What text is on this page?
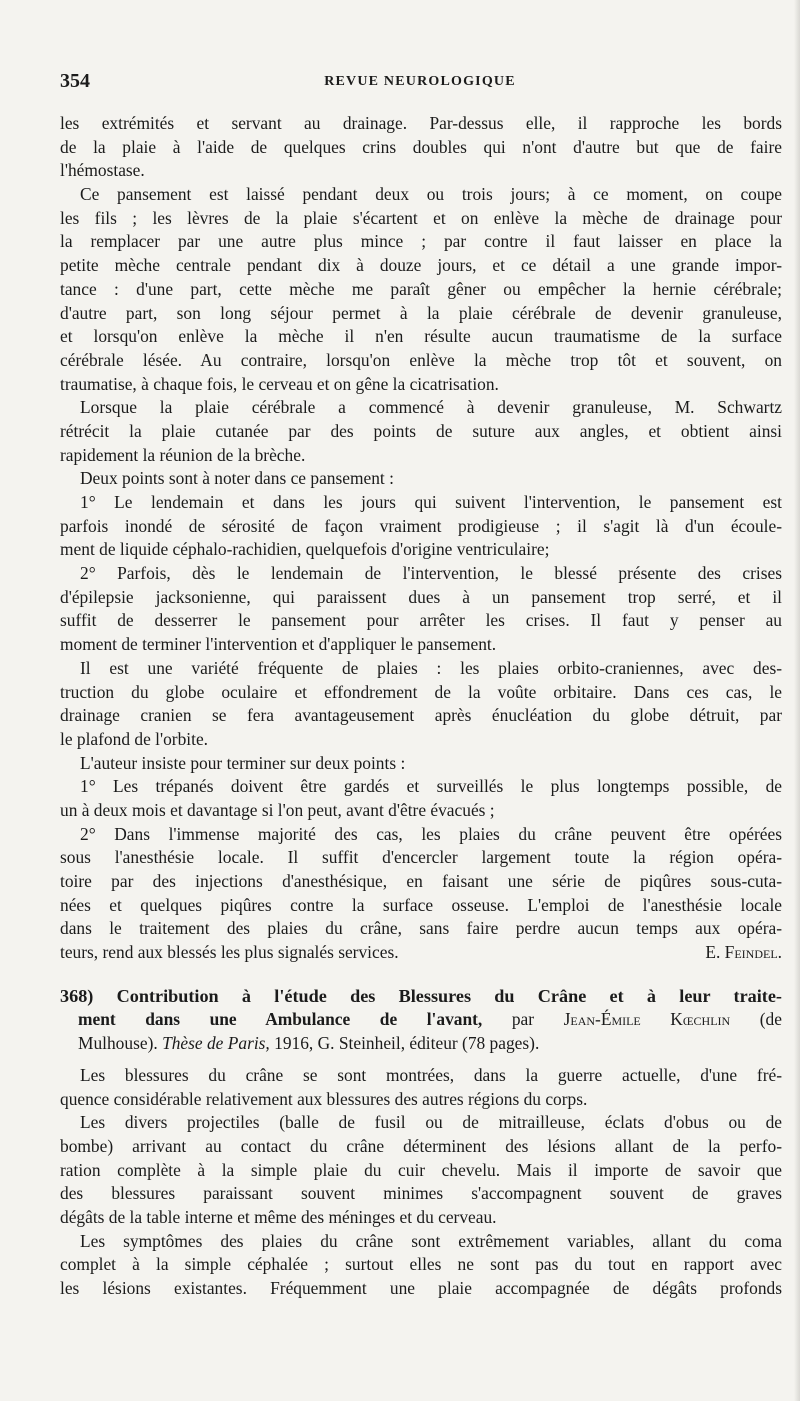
354	REVUE NEUROLOGIQUE
les extrémités et servant au drainage. Par-dessus elle, il rapproche les bords
de la plaie à l'aide de quelques crins doubles qui n'ont d'autre but que de faire
l'hémostase.
Ce pansement est laissé pendant deux ou trois jours; à ce moment, on coupe
les fils ; les lèvres de la plaie s'écartent et on enlève la mèche de drainage pour
la remplacer par une autre plus mince ; par contre il faut laisser en place la
petite mèche centrale pendant dix à douze jours, et ce détail a une grande impor-
tance : d'une part, cette mèche me paraît gêner ou empêcher la hernie cérébrale;
d'autre part, son long séjour permet à la plaie cérébrale de devenir granuleuse,
et lorsqu'on enlève la mèche il n'en résulte aucun traumatisme de la surface
cérébrale lésée. Au contraire, lorsqu'on enlève la mèche trop tôt et souvent, on
traumatise, à chaque fois, le cerveau et on gêne la cicatrisation.
Lorsque la plaie cérébrale a commencé à devenir granuleuse, M. Schwartz
rétrécit la plaie cutanée par des points de suture aux angles, et obtient ainsi
rapidement la réunion de la brèche.
Deux points sont à noter dans ce pansement :
1° Le lendemain et dans les jours qui suivent l'intervention, le pansement est
parfois inondé de sérosité de façon vraiment prodigieuse ; il s'agit là d'un écoule-
ment de liquide céphalo-rachidien, quelquefois d'origine ventriculaire;
2° Parfois, dès le lendemain de l'intervention, le blessé présente des crises
d'épilepsie jacksonienne, qui paraissent dues à un pansement trop serré, et il
suffit de desserrer le pansement pour arrêter les crises. Il faut y penser au
moment de terminer l'intervention et d'appliquer le pansement.
Il est une variété fréquente de plaies : les plaies orbito-craniennes, avec des-
truction du globe oculaire et effondrement de la voûte orbitaire. Dans ces cas, le
drainage cranien se fera avantageusement après énucléation du globe détruit, par
le plafond de l'orbite.
L'auteur insiste pour terminer sur deux points :
1° Les trépanés doivent être gardés et surveillés le plus longtemps possible, de
un à deux mois et davantage si l'on peut, avant d'être évacués ;
2° Dans l'immense majorité des cas, les plaies du crâne peuvent être opérées
sous l'anesthésie locale. Il suffit d'encercler largement toute la région opéra-
toire par des injections d'anesthésique, en faisant une série de piqûres sous-cuta-
nées et quelques piqûres contre la surface osseuse. L'emploi de l'anesthésie locale
dans le traitement des plaies du crâne, sans faire perdre aucun temps aux opéra-
teurs, rend aux blessés les plus signalés services.	E. Feindel.
368) Contribution à l'étude des Blessures du Crâne et à leur traite-
ment dans une Ambulance de l'avant, par Jean-Émile Kœchlin (de
Mulhouse). Thèse de Paris, 1916, G. Steinheil, éditeur (78 pages).
Les blessures du crâne se sont montrées, dans la guerre actuelle, d'une fré-
quence considérable relativement aux blessures des autres régions du corps.
Les divers projectiles (balle de fusil ou de mitrailleuse, éclats d'obus ou de
bombe) arrivant au contact du crâne déterminent des lésions allant de la perfo-
ration complète à la simple plaie du cuir chevelu. Mais il importe de savoir que
des blessures paraissant souvent minimes s'accompagnent souvent de graves
dégâts de la table interne et même des méninges et du cerveau.
Les symptômes des plaies du crâne sont extrêmement variables, allant du coma
complet à la simple céphalée ; surtout elles ne sont pas du tout en rapport avec
les lésions existantes. Fréquemment une plaie accompagnée de dégâts profonds
